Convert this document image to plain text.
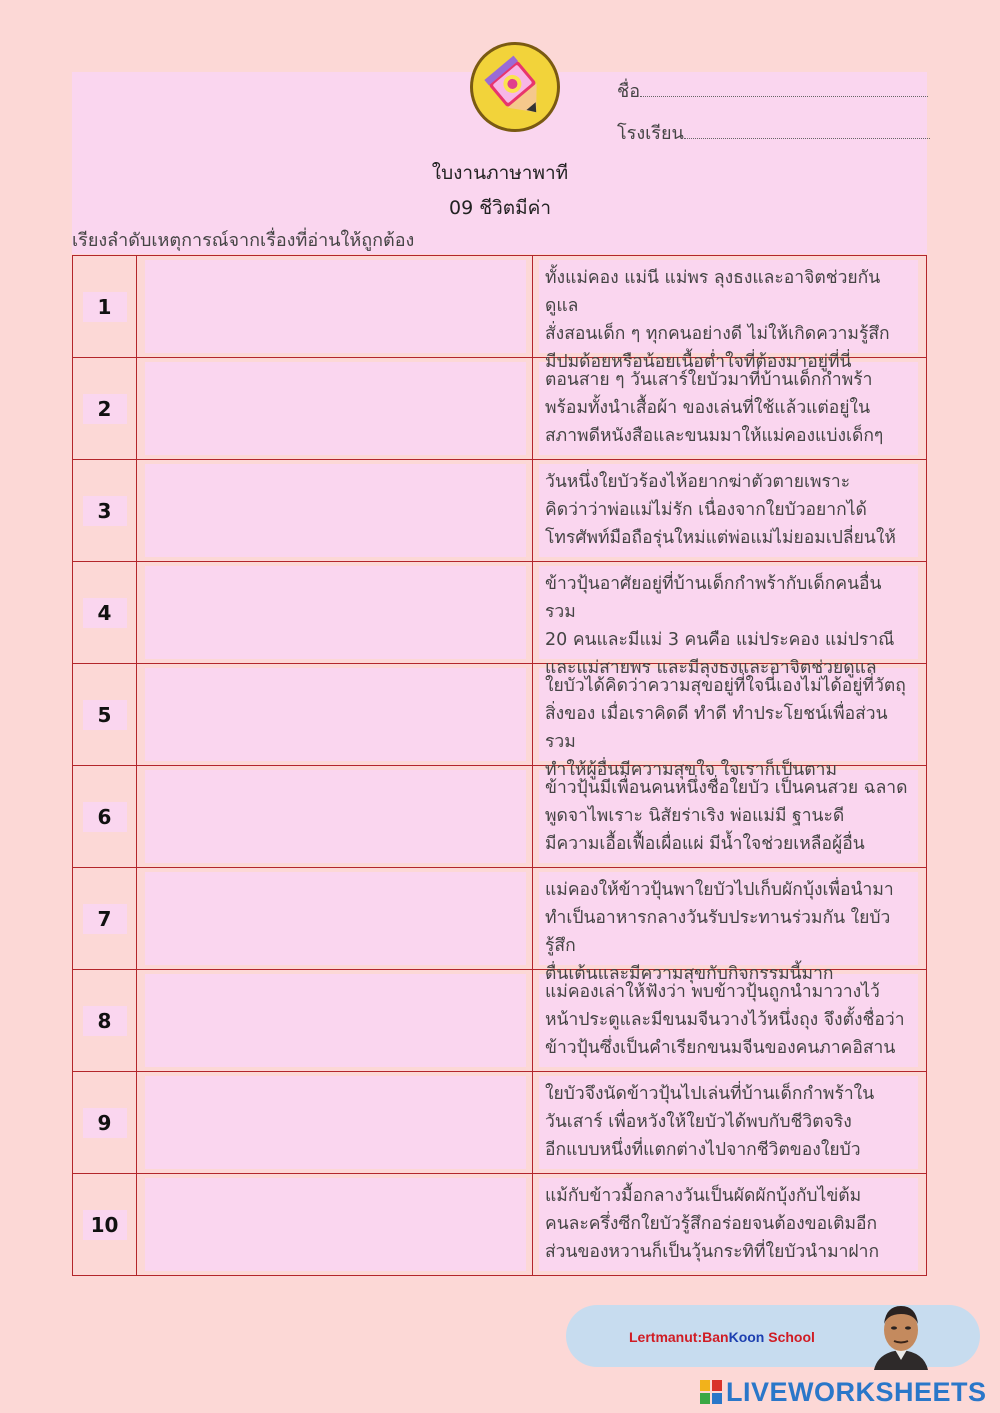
ชื่อ
โรงเรียน
ใบงานภาษาพาที
09 ชีวิตมีค่า
เรียงลำดับเหตุการณ์จากเรื่องที่อ่านให้ถูกต้อง
1		ทั้งแม่คอง แม่นี แม่พร ลุงธงและอาจิตช่วยกันดูแล
สั่งสอนเด็ก ๆ ทุกคนอย่างดี ไม่ให้เกิดความรู้สึก
มีปมด้อยหรือน้อยเนื้อต่ำใจที่ต้องมาอยู่ที่นี่

2		ตอนสาย ๆ วันเสาร์ใยบัวมาที่บ้านเด็กกำพร้า
พร้อมทั้งนำเสื้อผ้า ของเล่นที่ใช้แล้วแต่อยู่ใน
สภาพดีหนังสือและขนมมาให้แม่คองแบ่งเด็กๆ

3		วันหนึ่งใยบัวร้องไห้อยากฆ่าตัวตายเพราะ
คิดว่าว่าพ่อแม่ไม่รัก เนื่องจากใยบัวอยากได้
โทรศัพท์มือถือรุ่นใหม่แต่พ่อแม่ไม่ยอมเปลี่ยนให้

4		ข้าวปุ้นอาศัยอยู่ที่บ้านเด็กกำพร้ากับเด็กคนอื่นรวม
20 คนและมีแม่ 3 คนคือ แม่ประคอง แม่ปราณี
และแม่สายพร และมีลุงธงและอาจิตช่วยดูแล

5		ใยบัวได้คิดว่าความสุขอยู่ที่ใจนี่เองไม่ได้อยู่ที่วัตถุ
สิ่งของ เมื่อเราคิดดี ทำดี ทำประโยชน์เพื่อส่วนรวม
ทำให้ผู้อื่นมีความสุขใจ ใจเราก็เป็นตาม

6		ข้าวปุ้นมีเพื่อนคนหนึ่งชื่อใยบัว เป็นคนสวย ฉลาด
พูดจาไพเราะ นิสัยร่าเริง พ่อแม่มี ฐานะดี
มีความเอื้อเฟื้อเผื่อแผ่ มีน้ำใจช่วยเหลือผู้อื่น

7		แม่คองให้ข้าวปุ้นพาใยบัวไปเก็บผักบุ้งเพื่อนำมา
ทำเป็นอาหารกลางวันรับประทานร่วมกัน ใยบัวรู้สึก
ตื่นเต้นและมีความสุขกับกิจกรรมนี้มาก

8		แม่คองเล่าให้ฟังว่า พบข้าวปุ้นถูกนำมาวางไว้
หน้าประตูและมีขนมจีนวางไว้หนึ่งถุง จึงตั้งชื่อว่า
ข้าวปุ้นซึ่งเป็นคำเรียกขนมจีนของคนภาคอิสาน

9		ใยบัวจึงนัดข้าวปุ้นไปเล่นที่บ้านเด็กกำพร้าใน
วันเสาร์ เพื่อหวังให้ใยบัวได้พบกับชีวิตจริง
อีกแบบหนึ่งที่แตกต่างไปจากชีวิตของใยบัว

10		แม้กับข้าวมื้อกลางวันเป็นผัดผักบุ้งกับไข่ต้ม
คนละครึ่งซีกใยบัวรู้สึกอร่อยจนต้องขอเติมอีก
ส่วนของหวานก็เป็นวุ้นกระทิที่ใยบัวนำมาฝาก
Lertmanut:BanKoon School
LIVEWORKSHEETS
